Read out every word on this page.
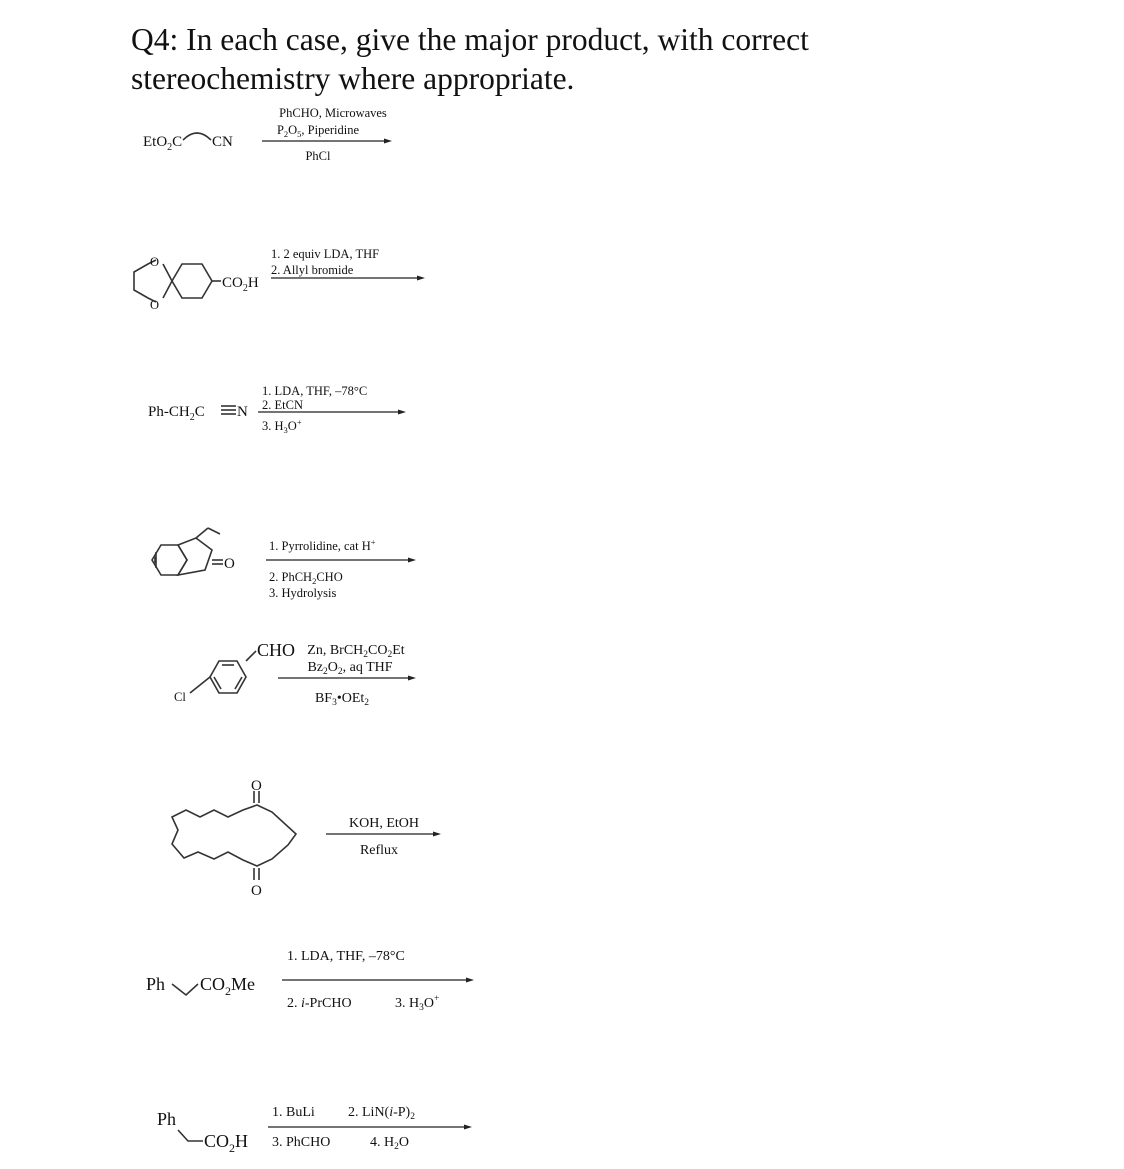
Q4: In each case, give the major product, with correct
stereochemistry where appropriate.
EtO$_2$C CN
PhCHO, Microwaves
$P_2O_5$, Piperidine
PhCl
O
O
$CO_2H$
1. 2 equiv LDA, THF
2. Allyl bromide
$Ph-CH_2C$ N
1. LDA, THF, –78°C
2. EtCN
3. $H_3O^+$
O
1. Pyrrolidine, cat H+
2. PhCH$_2$CHO
3. Hydrolysis
CHO
Cl
Zn, $BrCH_2CO_2Et$
$Bz_2O_2$, aq THF
$BF_3•OEt_2$
O
O
KOH, EtOH
Reflux
Ph $CO_2Me$
1. LDA, THF, –78°C
2. i-PrCHO	3. $H_3O^+$
Ph
$CO_2H$
1. BuLi 2. $LiN(i-P)_2$
3. PhCHO	4. $H_2O$
